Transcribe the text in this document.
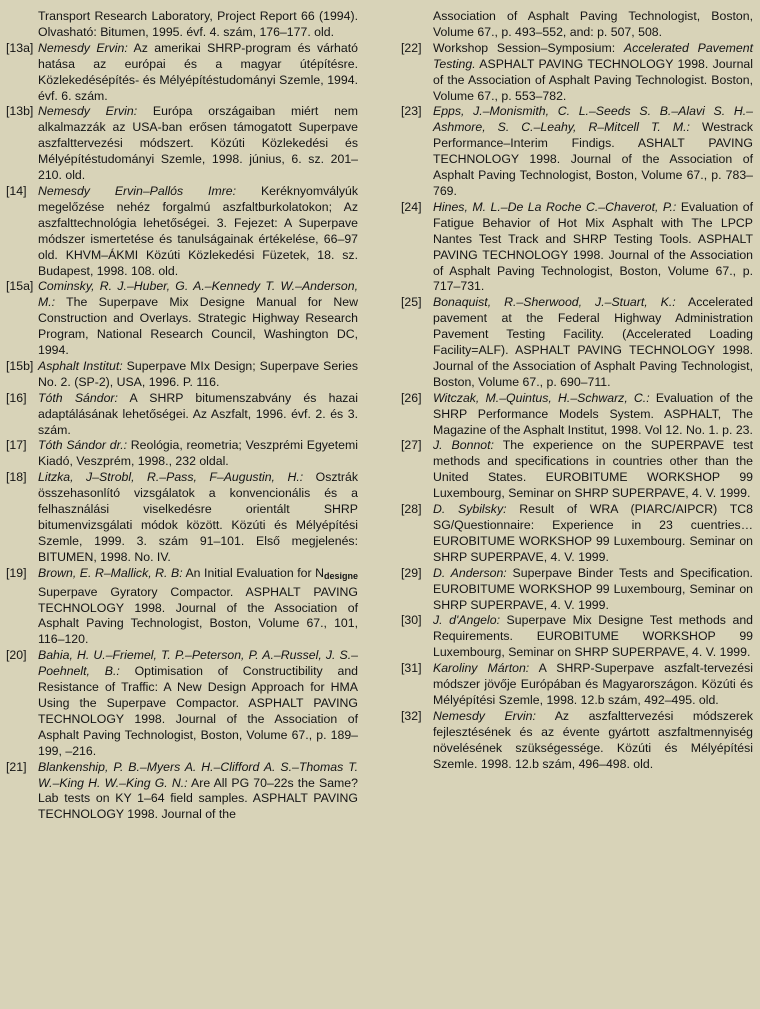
Transport Research Laboratory, Project Report 66 (1994). Olvasható: Bitumen, 1995. évf. 4. szám, 176–177. old.
[13a] Nemesdy Ervin: Az amerikai SHRP-program és várható hatása az európai és a magyar útépítésre. Közlekedésépítés- és Mélyépítéstudományi Szemle, 1994. évf. 6. szám.
[13b] Nemesdy Ervin: Európa országaiban miért nem alkalmazzák az USA-ban erősen támogatott Superpave aszfalttervezési módszert. Közúti Közlekedési és Mélyépítéstudományi Szemle, 1998. június, 6. sz. 201–210. old.
[14] Nemesdy Ervin–Pallós Imre: Keréknyomvályúk megelőzése nehéz forgalmú aszfaltburkolatokon; Az aszfalttechnológia lehetőségei. 3. Fejezet: A Superpave módszer ismertetése és tanulságainak értékelése, 66–97 old. KHVM–ÁKMI Közúti Közlekedési Füzetek, 18. sz. Budapest, 1998. 108. old.
[15a] Cominsky, R. J.–Huber, G. A.–Kennedy T. W.–Anderson, M.: The Superpave Mix Designe Manual for New Construction and Overlays. Strategic Highway Research Program, National Research Council, Washington DC, 1994.
[15b] Asphalt Institut: Superpave MIx Design; Superpave Series No. 2. (SP-2), USA, 1996. P. 116.
[16] Tóth Sándor: A SHRP bitumenszabvány és hazai adaptálásának lehetőségei. Az Aszfalt, 1996. évf. 2. és 3. szám.
[17] Tóth Sándor dr.: Reológia, reometria; Veszprémi Egyetemi Kiadó, Veszprém, 1998., 232 oldal.
[18] Litzka, J–Strobl, R.–Pass, F–Augustin, H.: Osztrák összehasonlító vizsgálatok a konvencionális és a felhasználási viselkedésre orientált SHRP bitumenvizsgálati módok között. Közúti és Mélyépítési Szemle, 1999. 3. szám 91–101. Első megjelenés: BITUMEN, 1998. No. IV.
[19] Brown, E. R–Mallick, R. B: An Initial Evaluation for $N_{designe}$ Superpave Gyratory Compactor. ASPHALT PAVING TECHNOLOGY 1998. Journal of the Association of Asphalt Paving Technologist, Boston, Volume 67., 101, 116–120.
[20] Bahia, H. U.–Friemel, T. P.–Peterson, P. A.–Russel, J. S.– Poehnelt, B.: Optimisation of Constructibility and Resistance of Traffic: A New Design Approach for HMA Using the Superpave Compactor. ASPHALT PAVING TECHNOLOGY 1998. Journal of the Association of Asphalt Paving Technologist, Boston, Volume 67., p. 189–199, –216.
[21] Blankenship, P. B.–Myers A. H.–Clifford A. S.–Thomas T. W.–King H. W.–King G. N.: Are All PG 70–22s the Same? Lab tests on KY 1–64 field samples. ASPHALT PAVING TECHNOLOGY 1998. Journal of the
Association of Asphalt Paving Technologist, Boston, Volume 67., p. 493–552, and: p. 507, 508.
[22] Workshop Session–Symposium: Accelerated Pavement Testing. ASPHALT PAVING TECHNOLOGY 1998. Journal of the Association of Asphalt Paving Technologist. Boston, Volume 67., p. 553–782.
[23] Epps, J.–Monismith, C. L.–Seeds S. B.–Alavi S. H.–Ashmore, S. C.–Leahy, R–Mitcell T. M.: Westrack Performance–Interim Findigs. ASHALT PAVING TECHNOLOGY 1998. Journal of the Association of Asphalt Paving Technologist, Boston, Volume 67., p. 783–769.
[24] Hines, M. L.–De La Roche C.–Chaverot, P.: Evaluation of Fatigue Behavior of Hot Mix Asphalt with The LPCP Nantes Test Track and SHRP Testing Tools. ASPHALT PAVING TECHNOLOGY 1998. Journal of the Association of Asphalt Paving Technologist, Boston, Volume 67., p. 717–731.
[25] Bonaquist, R.–Sherwood, J.–Stuart, K.: Accelerated pavement at the Federal Highway Administration Pavement Testing Facility. (Accelerated Loading Facility=ALF). ASPHALT PAVING TECHNOLOGY 1998. Journal of the Association of Asphalt Paving Technologist, Boston, Volume 67., p. 690–711.
[26] Witczak, M.–Quintus, H.–Schwarz, C.: Evaluation of the SHRP Performance Models System. ASPHALT, The Magazine of the Asphalt Institut, 1998. Vol 12. No. 1. p. 23.
[27] J. Bonnot: The experience on the SUPERPAVE test methods and specifications in countries other than the United States. EUROBITUME WORKSHOP 99 Luxembourg, Seminar on SHRP SUPERPAVE, 4. V. 1999.
[28] D. Sybilsky: Result of WRA (PIARC/AIPCR) TC8 SG/Questionnaire: Experience in 23 cuentries… EUROBITUME WORKSHOP 99 Luxembourg. Seminar on SHRP SUPERPAVE, 4. V. 1999.
[29] D. Anderson: Superpave Binder Tests and Specification. EUROBITUME WORKSHOP 99 Luxembourg, Seminar on SHRP SUPERPAVE, 4. V. 1999.
[30] J. d'Angelo: Superpave Mix Designe Test methods and Requirements. EUROBITUME WORKSHOP 99 Luxembourg, Seminar on SHRP SUPERPAVE, 4. V. 1999.
[31] Karoliny Márton: A SHRP-Superpave aszfalt-tervezési módszer jövője Európában és Magyarországon. Közúti és Mélyépítési Szemle, 1998. 12.b szám, 492–495. old.
[32] Nemesdy Ervin: Az aszfalttervezési módszerek fejlesztésének és az évente gyártott aszfaltmennyiség növelésének szükségessége. Közúti és Mélyépítési Szemle. 1998. 12.b szám, 496–498. old.
